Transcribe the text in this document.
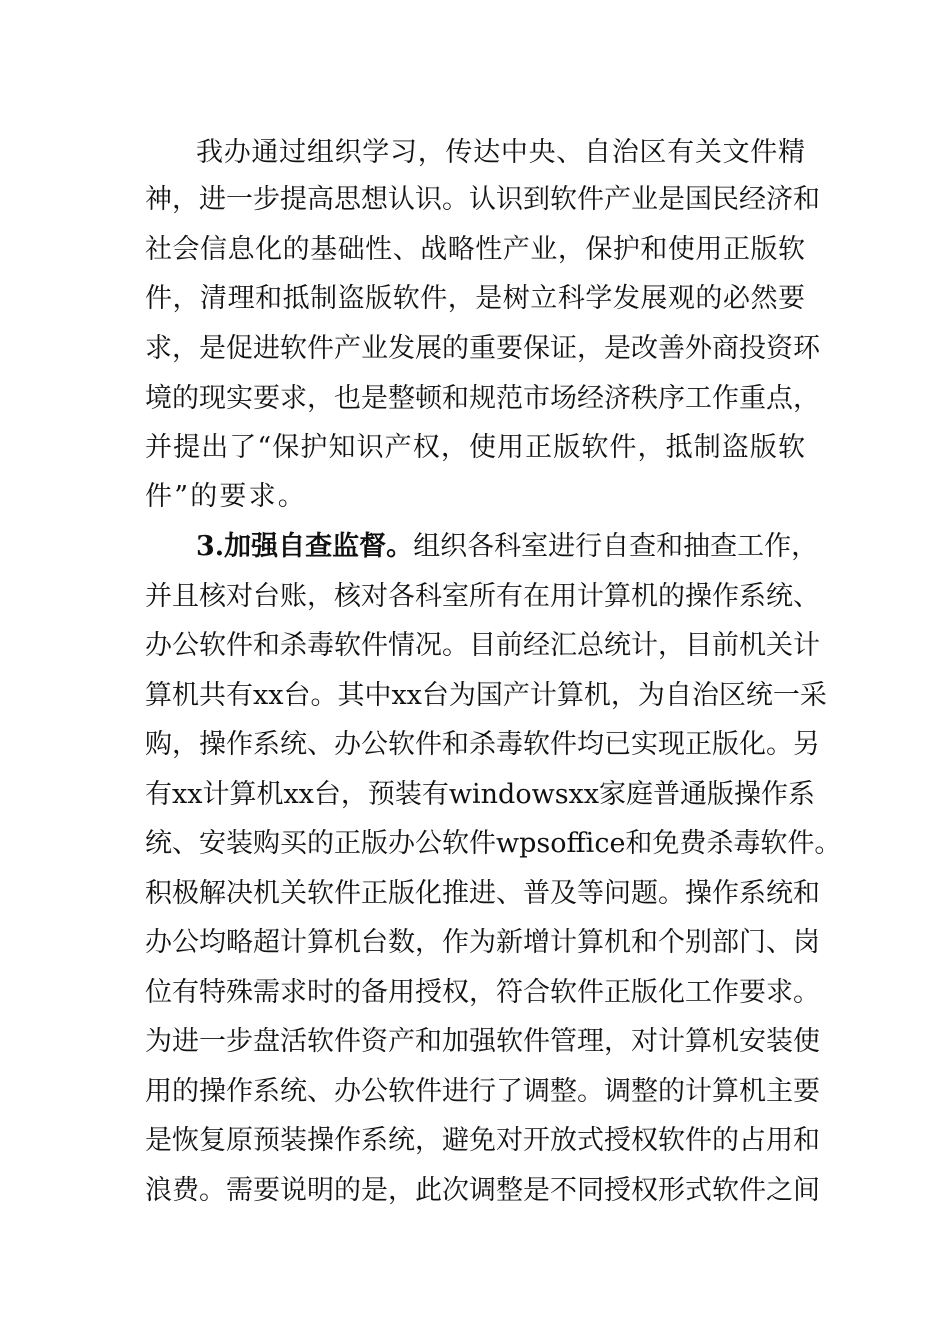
我办通过组织学习，传达中央、自治区有关文件精
神，进一步提高思想认识。认识到软件产业是国民经济和
社会信息化的基础性、战略性产业，保护和使用正版软
件，清理和抵制盗版软件，是树立科学发展观的必然要
求，是促进软件产业发展的重要保证，是改善外商投资环
境的现实要求，也是整顿和规范市场经济秩序工作重点，
并提出了“保护知识产权，使用正版软件，抵制盗版软
件”的要求。
3.加强自查监督。组织各科室进行自查和抽查工作，
并且核对台账，核对各科室所有在用计算机的操作系统、
办公软件和杀毒软件情况。目前经汇总统计，目前机关计
算机共有xx台。其中xx台为国产计算机，为自治区统一采
购，操作系统、办公软件和杀毒软件均已实现正版化。另
有xx计算机xx台，预装有windowsxx家庭普通版操作系
统、安装购买的正版办公软件wpsoffice和免费杀毒软件。
积极解决机关软件正版化推进、普及等问题。操作系统和
办公均略超计算机台数，作为新增计算机和个别部门、岗
位有特殊需求时的备用授权，符合软件正版化工作要求。
为进一步盘活软件资产和加强软件管理，对计算机安装使
用的操作系统、办公软件进行了调整。调整的计算机主要
是恢复原预装操作系统，避免对开放式授权软件的占用和
浪费。需要说明的是，此次调整是不同授权形式软件之间
